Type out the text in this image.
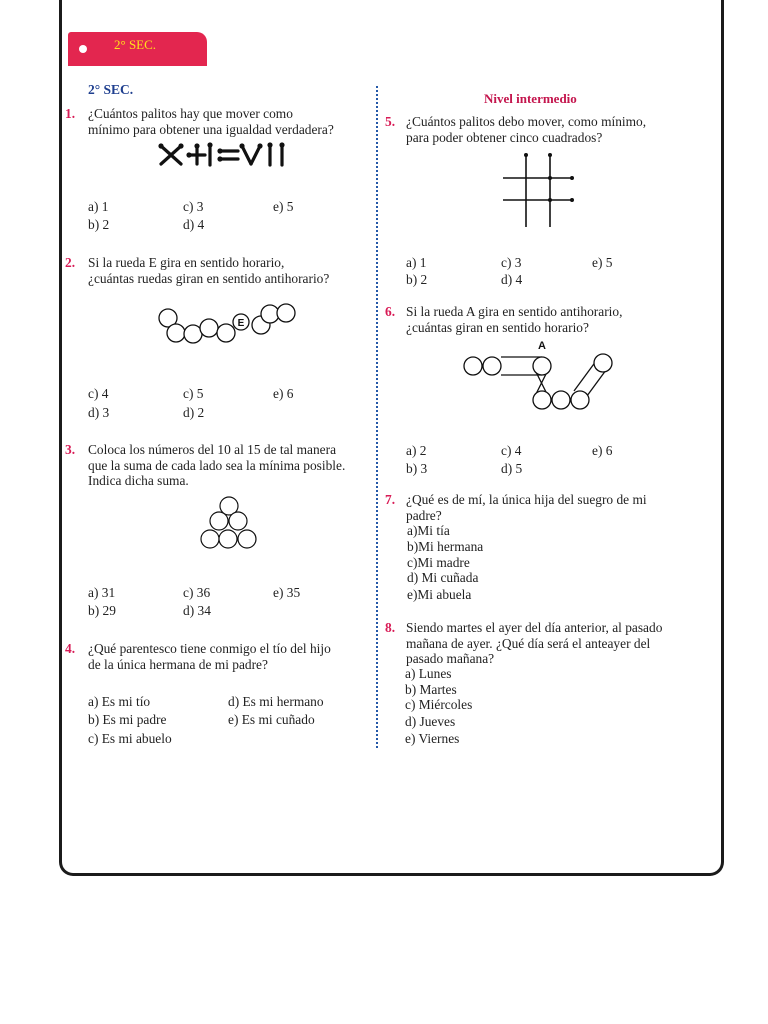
2° SEC.
2° SEC.
1. ¿Cuántos palitos hay que mover como
mínimo para obtener una igualdad verdadera?
a) 1	c) 3	e) 5
b) 2	d) 4
2. Si la rueda E gira en sentido horario,
¿cuántas ruedas giran en sentido antihorario?
E
c) 4	c) 5	e) 6
d) 3	d) 2
3. Coloca los números del 10 al 15 de tal manera
que la suma de cada lado sea la mínima posible.
Indica dicha suma.
a) 31	c) 36	e) 35
b) 29	d) 34
4. ¿Qué parentesco tiene conmigo el tío del hijo
de la única hermana de mi padre?
a) Es mi tío	d) Es mi hermano
b) Es mi padre	e) Es mi cuñado
c) Es mi abuelo
Nivel intermedio
5. ¿Cuántos palitos debo mover, como mínimo,
para poder obtener cinco cuadrados?
a) 1	c) 3	e) 5
b) 2	d) 4
6. Si la rueda A gira en sentido antihorario,
¿cuántas giran en sentido horario?
A
a) 2	c) 4	e) 6
b) 3	d) 5
7. ¿Qué es de mí, la única hija del suegro de mi
padre?
a)Mi tía
b)Mi hermana
c)Mi madre
d) Mi cuñada
e)Mi abuela
8. Siendo martes el ayer del día anterior, al pasado
mañana de ayer. ¿Qué día será el anteayer del
pasado mañana?
a) Lunes
b) Martes
c) Miércoles
d) Jueves
e) Viernes
